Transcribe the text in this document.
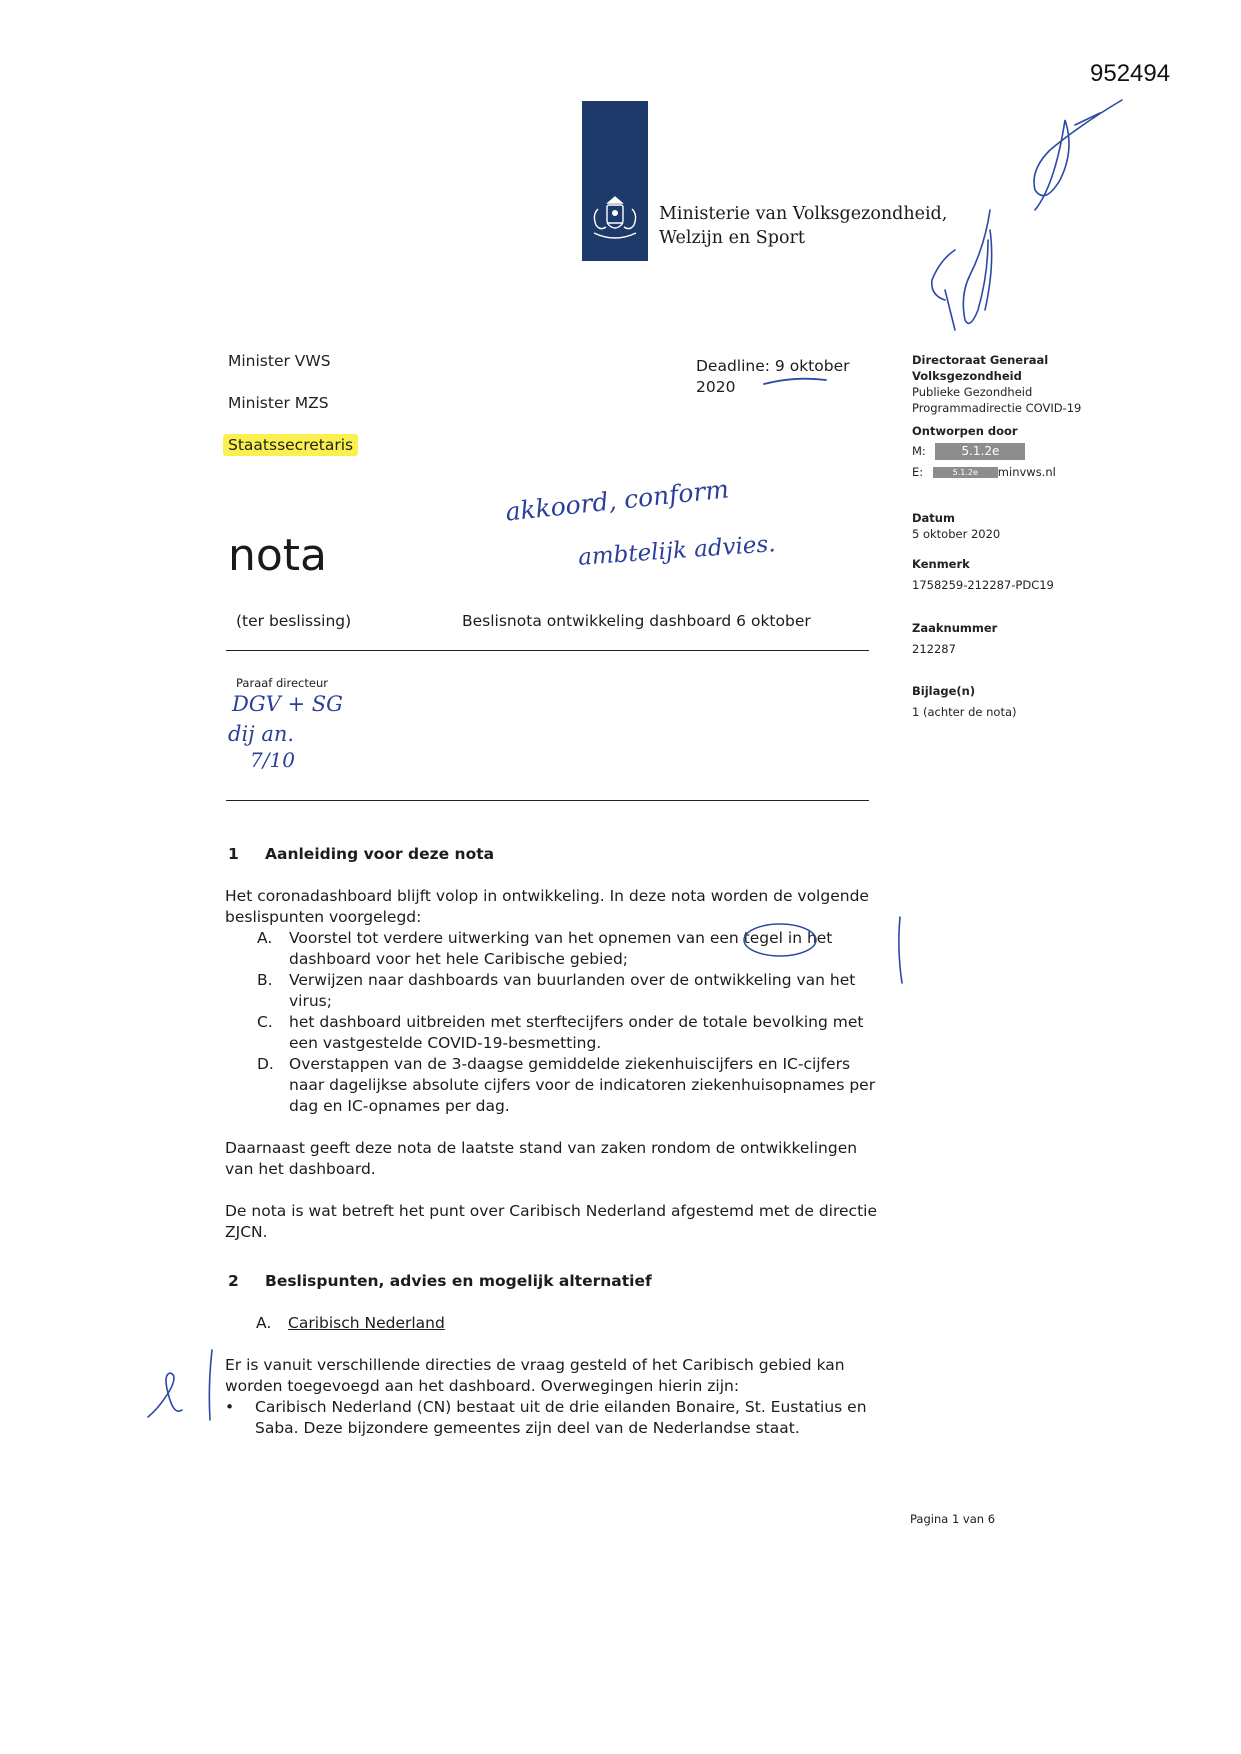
952494
Ministerie van Volksgezondheid,
Welzijn en Sport
Minister VWS
Minister MZS
Staatssecretaris
Deadline: 9 oktober
2020
Directoraat Generaal
Volksgezondheid
Publieke Gezondheid
Programmadirectie COVID-19
Ontworpen door
M:	5.1.2e
E:	5.1.2e minvws.nl
Datum
5 oktober 2020
Kenmerk
1758259-212287-PDC19
Zaaknummer
212287
Bijlage(n)
1 (achter de nota)
akkoord, conform
ambtelijk advies.
nota
(ter beslissing)	Beslisnota ontwikkeling dashboard 6 oktober
Paraaf directeur
DGV + SG
dij an.
7/10
1 Aanleiding voor deze nota

Het coronadashboard blijft volop in ontwikkeling. In deze nota worden de volgende beslispunten voorgelegd:

A. Voorstel tot verdere uitwerking van het opnemen van een tegel in het dashboard voor het hele Caribische gebied;
B. Verwijzen naar dashboards van buurlanden over de ontwikkeling van het virus;
C. het dashboard uitbreiden met sterftecijfers onder de totale bevolking met een vastgestelde COVID-19-besmetting.
D. Overstappen van de 3-daagse gemiddelde ziekenhuiscijfers en IC-cijfers naar dagelijkse absolute cijfers voor de indicatoren ziekenhuisopnames per dag en IC-opnames per dag.

Daarnaast geeft deze nota de laatste stand van zaken rondom de ontwikkelingen van het dashboard.

De nota is wat betreft het punt over Caribisch Nederland afgestemd met de directie ZJCN.

2 Beslispunten, advies en mogelijk alternatief
A. Caribisch Nederland

Er is vanuit verschillende directies de vraag gesteld of het Caribisch gebied kan worden toegevoegd aan het dashboard. Overwegingen hierin zijn:

• Caribisch Nederland (CN) bestaat uit de drie eilanden Bonaire, St. Eustatius en Saba. Deze bijzondere gemeentes zijn deel van de Nederlandse staat.
Pagina 1 van 6
